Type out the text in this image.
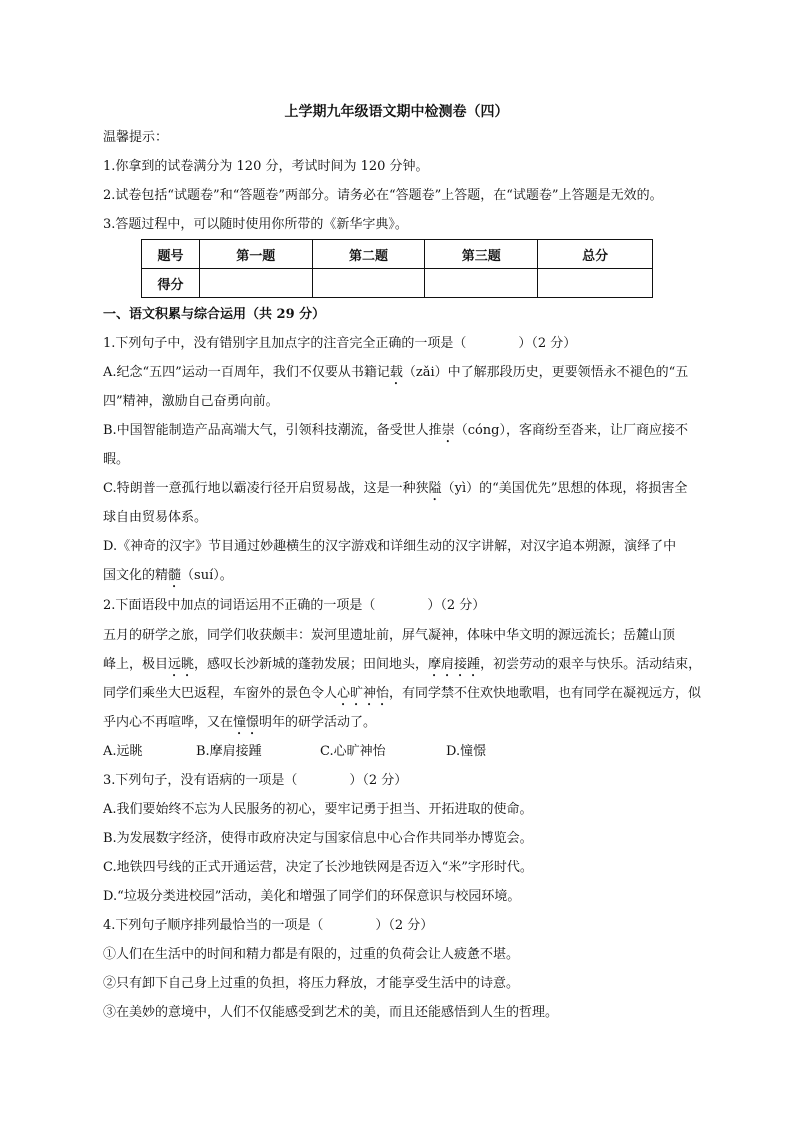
上学期九年级语文期中检测卷（四）
温馨提示：
1.你拿到的试卷满分为 120 分，考试时间为 120 分钟。
2.试卷包括“试题卷”和“答题卷”两部分。请务必在“答题卷”上答题，在“试题卷”上答题是无效的。
3.答题过程中，可以随时使用你所带的《新华字典》。
题号	第一题	第二题	第三题	总分
得分				
一、语文积累与综合运用（共 29 分）
1.下列句子中，没有错别字且加点字的注音完全正确的一项是（　　　　）（2 分）
A.纪念“五四”运动一百周年，我们不仅要从书籍记载（zǎi）中了解那段历史，更要领悟永不褪色的“五
四”精神，激励自己奋勇向前。
B.中国智能制造产品高端大气，引领科技潮流，备受世人推崇（cóng），客商纷至沓来，让厂商应接不
暇。
C.特朗普一意孤行地以霸凌行径开启贸易战，这是一种狭隘（yì）的“美国优先”思想的体现，将损害全
球自由贸易体系。
D.《神奇的汉字》节目通过妙趣横生的汉字游戏和详细生动的汉字讲解，对汉字追本朔源，演绎了中
国文化的精髓（suí）。
2.下面语段中加点的词语运用不正确的一项是（　　　　）（2 分）
五月的研学之旅，同学们收获颇丰：炭河里遗址前，屏气凝神，体味中华文明的源远流长；岳麓山顶
峰上，极目远眺，感叹长沙新城的蓬勃发展；田间地头，摩肩接踵，初尝劳动的艰辛与快乐。活动结束，
同学们乘坐大巴返程，车窗外的景色令人心旷神怡，有同学禁不住欢快地歌唱，也有同学在凝视远方，似
乎内心不再喧哗，又在憧憬明年的研学活动了。
A.远眺	B.摩肩接踵	C.心旷神怡	D.憧憬
3.下列句子，没有语病的一项是（　　　　）（2 分）
A.我们要始终不忘为人民服务的初心，要牢记勇于担当、开拓进取的使命。
B.为发展数字经济，使得市政府决定与国家信息中心合作共同举办博览会。
C.地铁四号线的正式开通运营，决定了长沙地铁网是否迈入“米”字形时代。
D.“垃圾分类进校园”活动，美化和增强了同学们的环保意识与校园环境。
4.下列句子顺序排列最恰当的一项是（　　　　）（2 分）
①人们在生活中的时间和精力都是有限的，过重的负荷会让人疲惫不堪。
②只有卸下自己身上过重的负担，将压力释放，才能享受生活中的诗意。
③在美妙的意境中，人们不仅能感受到艺术的美，而且还能感悟到人生的哲理。
